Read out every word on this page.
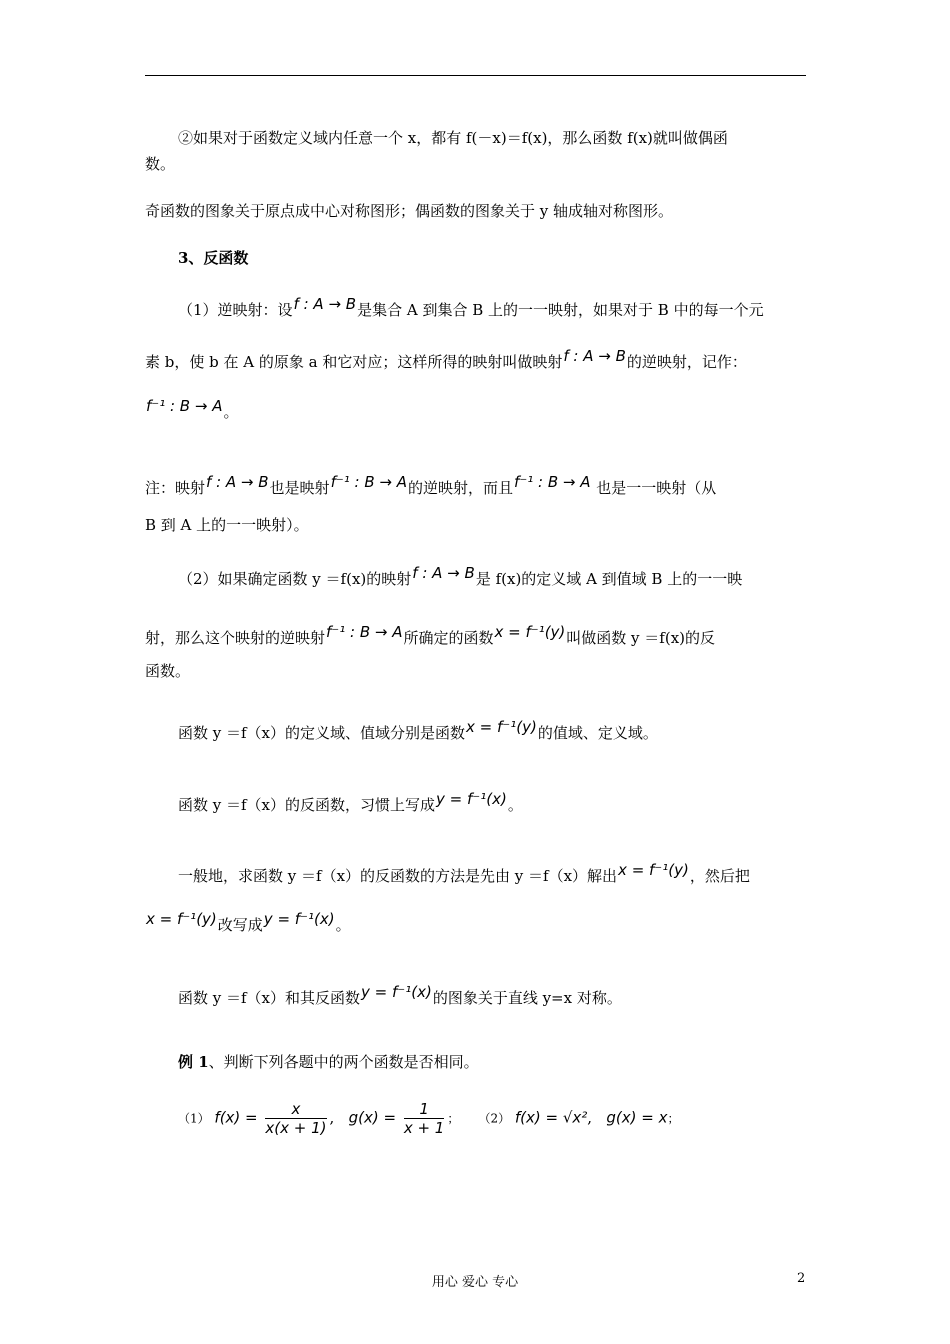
②如果对于函数定义域内任意一个 x，都有 f(－x)＝f(x)，那么函数 f(x)就叫做偶函
数。
奇函数的图象关于原点成中心对称图形；偶函数的图象关于 y 轴成轴对称图形。
3、反函数
（1）逆映射：设f : A → B是集合 A 到集合 B 上的一一映射，如果对于 B 中的每一个元
素 b，使 b 在 A 的原象 a 和它对应；这样所得的映射叫做映射f : A → B的逆映射，记作：
f⁻¹ : B → A。
注：映射f : A → B也是映射f⁻¹ : B → A的逆映射，而且f⁻¹ : B → A 也是一一映射（从
B 到 A 上的一一映射）。
（2）如果确定函数 y ＝f(x)的映射f : A → B是 f(x)的定义域 A 到值域 B 上的一一映
射，那么这个映射的逆映射f⁻¹ : B → A所确定的函数x = f⁻¹(y)叫做函数 y ＝f(x)的反
函数。
函数 y ＝f（x）的定义域、值域分别是函数x = f⁻¹(y)的值域、定义域。
函数 y ＝f（x）的反函数，习惯上写成y = f⁻¹(x)。
一般地，求函数 y ＝f（x）的反函数的方法是先由 y ＝f（x）解出x = f⁻¹(y)，然后把
x = f⁻¹(y)改写成y = f⁻¹(x)。
函数 y ＝f（x）和其反函数y = f⁻¹(x)的图象关于直线 y=x 对称。
例 1、判断下列各题中的两个函数是否相同。
（1） $f(x) = \frac{x}{x(x + 1)}$ ,   $g(x) = \frac{1}{x + 1}$ ； （2） f(x) = √x²,   g(x) = x；
用心 爱心 专心	2
